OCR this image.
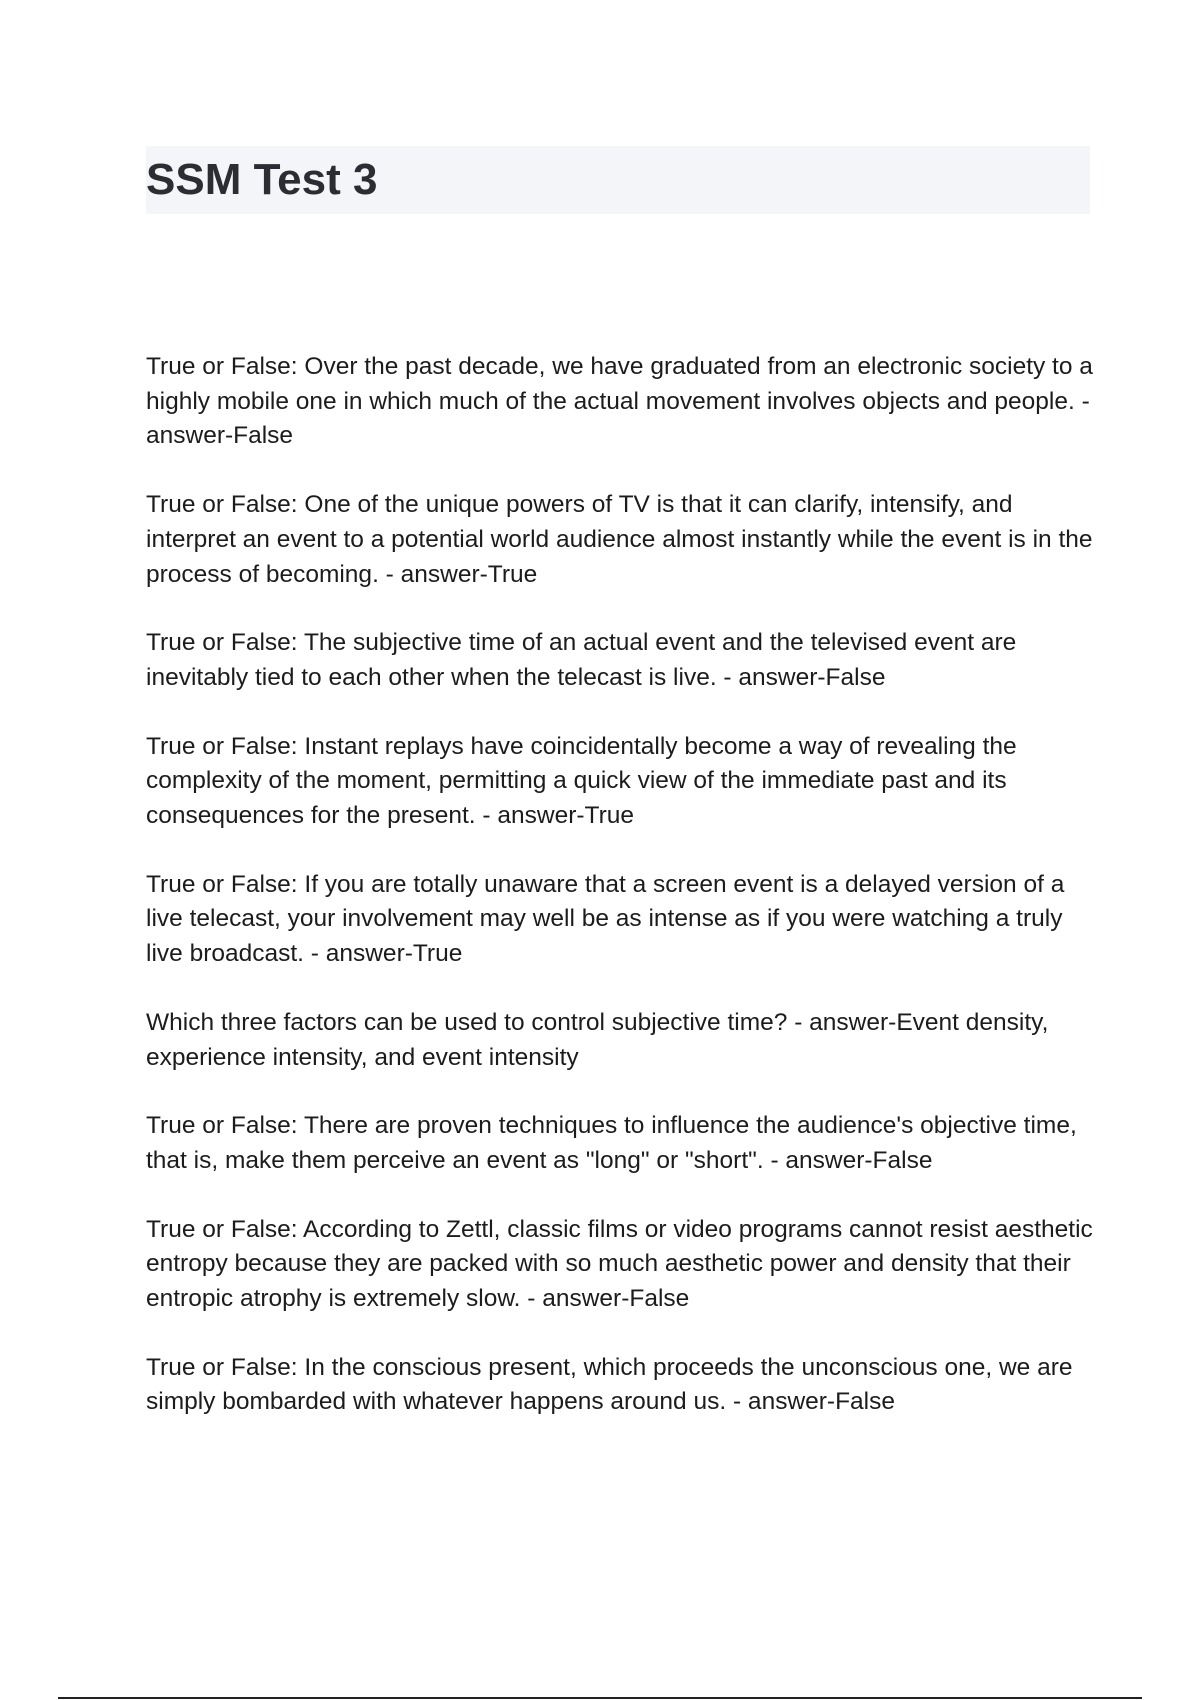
SSM Test 3
True or False: Over the past decade, we have graduated from an electronic society to a highly mobile one in which much of the actual movement involves objects and people. - answer-False
True or False: One of the unique powers of TV is that it can clarify, intensify, and interpret an event to a potential world audience almost instantly while the event is in the process of becoming. - answer-True
True or False: The subjective time of an actual event and the televised event are inevitably tied to each other when the telecast is live. - answer-False
True or False: Instant replays have coincidentally become a way of revealing the complexity of the moment, permitting a quick view of the immediate past and its consequences for the present. - answer-True
True or False: If you are totally unaware that a screen event is a delayed version of a live telecast, your involvement may well be as intense as if you were watching a truly live broadcast. - answer-True
Which three factors can be used to control subjective time? - answer-Event density, experience intensity, and event intensity
True or False: There are proven techniques to influence the audience's objective time, that is, make them perceive an event as "long" or "short". - answer-False
True or False: According to Zettl, classic films or video programs cannot resist aesthetic entropy because they are packed with so much aesthetic power and density that their entropic atrophy is extremely slow. - answer-False
True or False: In the conscious present, which proceeds the unconscious one, we are simply bombarded with whatever happens around us. - answer-False
